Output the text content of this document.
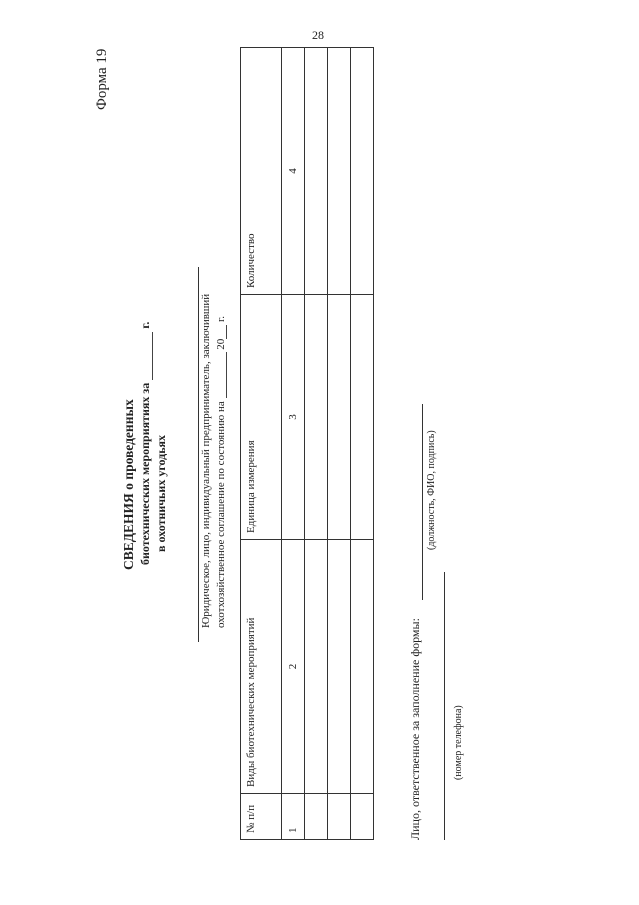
28
Форма 19
СВЕДЕНИЯ о проведенных биотехнических мероприятиях за  г.
в охотничьих угодьях	Юридическое, лицо, индивидуальный предприниматель, заключивший охотхозяйственное соглашение по состоянию на  20 г.
№ п/п	Виды биотехнических мероприятий	Единица измерения	Количество
1	2	3	4

Лицо, ответственное за заполнение формы:
(должность, ФИО, подпись)
(номер телефона)
